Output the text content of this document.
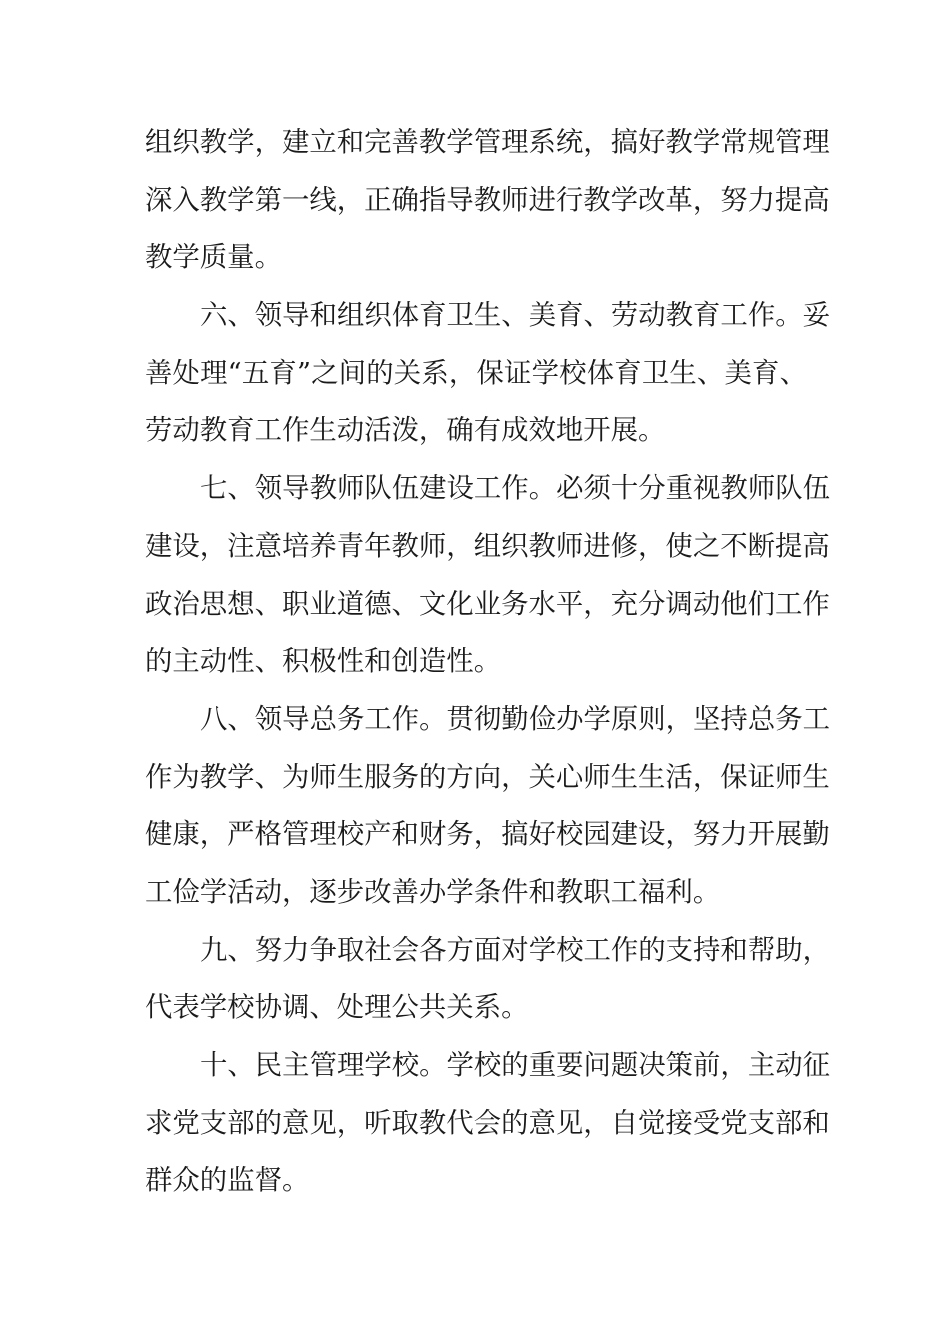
组织教学，建立和完善教学管理系统，搞好教学常规管理
深入教学第一线，正确指导教师进行教学改革，努力提高
教学质量。
六、领导和组织体育卫生、美育、劳动教育工作。妥
善处理“五育”之间的关系，保证学校体育卫生、美育、
劳动教育工作生动活泼，确有成效地开展。
七、领导教师队伍建设工作。必须十分重视教师队伍
建设，注意培养青年教师，组织教师进修，使之不断提高
政治思想、职业道德、文化业务水平，充分调动他们工作
的主动性、积极性和创造性。
八、领导总务工作。贯彻勤俭办学原则，坚持总务工
作为教学、为师生服务的方向，关心师生生活，保证师生
健康，严格管理校产和财务，搞好校园建设，努力开展勤
工俭学活动，逐步改善办学条件和教职工福利。
九、努力争取社会各方面对学校工作的支持和帮助，
代表学校协调、处理公共关系。
十、民主管理学校。学校的重要问题决策前，主动征
求党支部的意见，听取教代会的意见，自觉接受党支部和
群众的监督。
